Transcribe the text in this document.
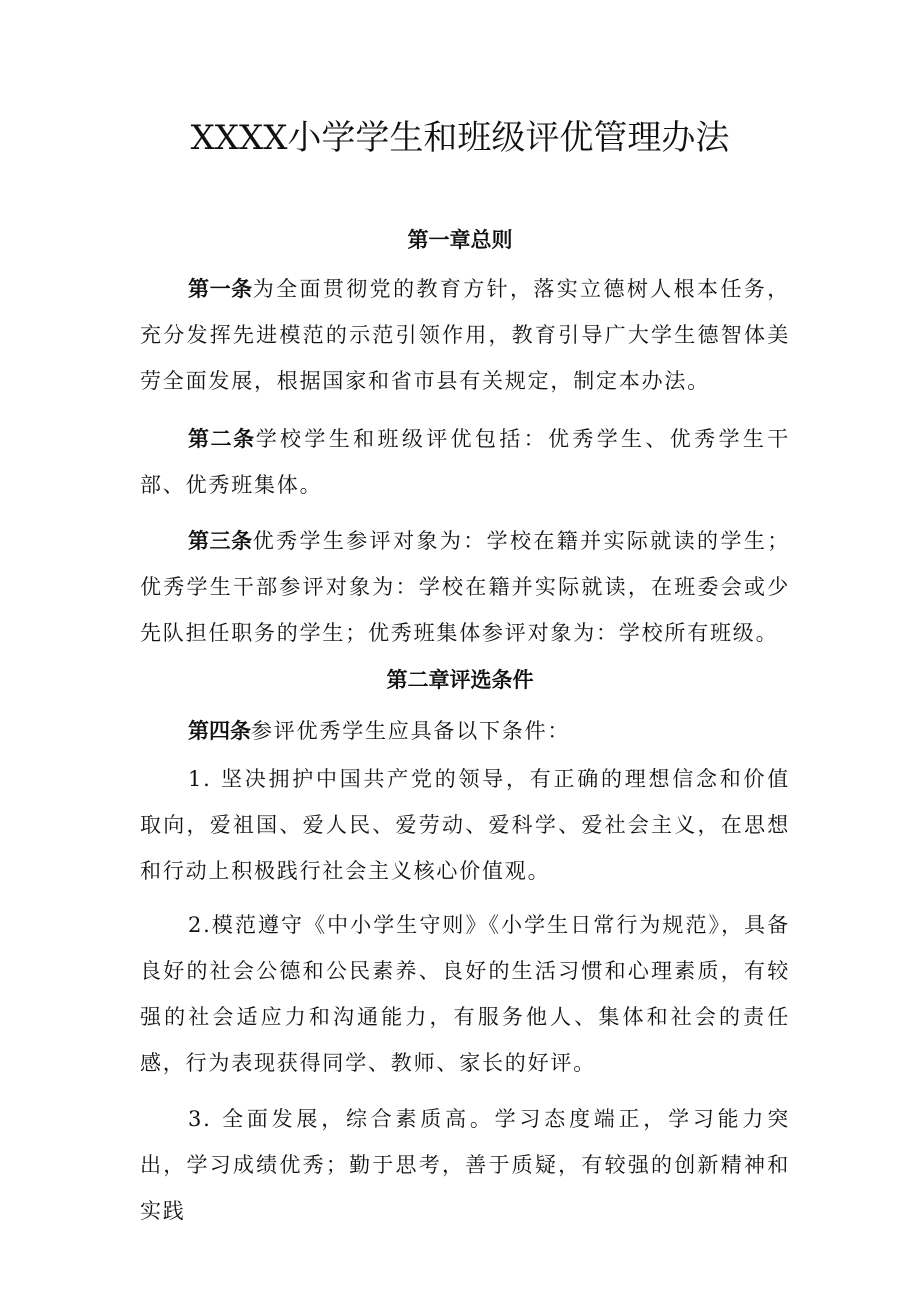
XXXX小学学生和班级评优管理办法
第一章总则

第一条为全面贯彻党的教育方针，落实立德树人根本任务，充分发挥先进模范的示范引领作用，教育引导广大学生德智体美劳全面发展，根据国家和省市县有关规定，制定本办法。

第二条学校学生和班级评优包括：优秀学生、优秀学生干部、优秀班集体。

第三条优秀学生参评对象为：学校在籍并实际就读的学生；优秀学生干部参评对象为：学校在籍并实际就读，在班委会或少先队担任职务的学生；优秀班集体参评对象为：学校所有班级。

第二章评选条件

第四条参评优秀学生应具备以下条件：

1. 坚决拥护中国共产党的领导，有正确的理想信念和价值取向，爱祖国、爱人民、爱劳动、爱科学、爱社会主义，在思想和行动上积极践行社会主义核心价值观。

2.模范遵守《中小学生守则》《小学生日常行为规范》，具备良好的社会公德和公民素养、良好的生活习惯和心理素质，有较强的社会适应力和沟通能力，有服务他人、集体和社会的责任感，行为表现获得同学、教师、家长的好评。

3. 全面发展，综合素质高。学习态度端正，学习能力突出，学习成绩优秀；勤于思考，善于质疑，有较强的创新精神和实践
